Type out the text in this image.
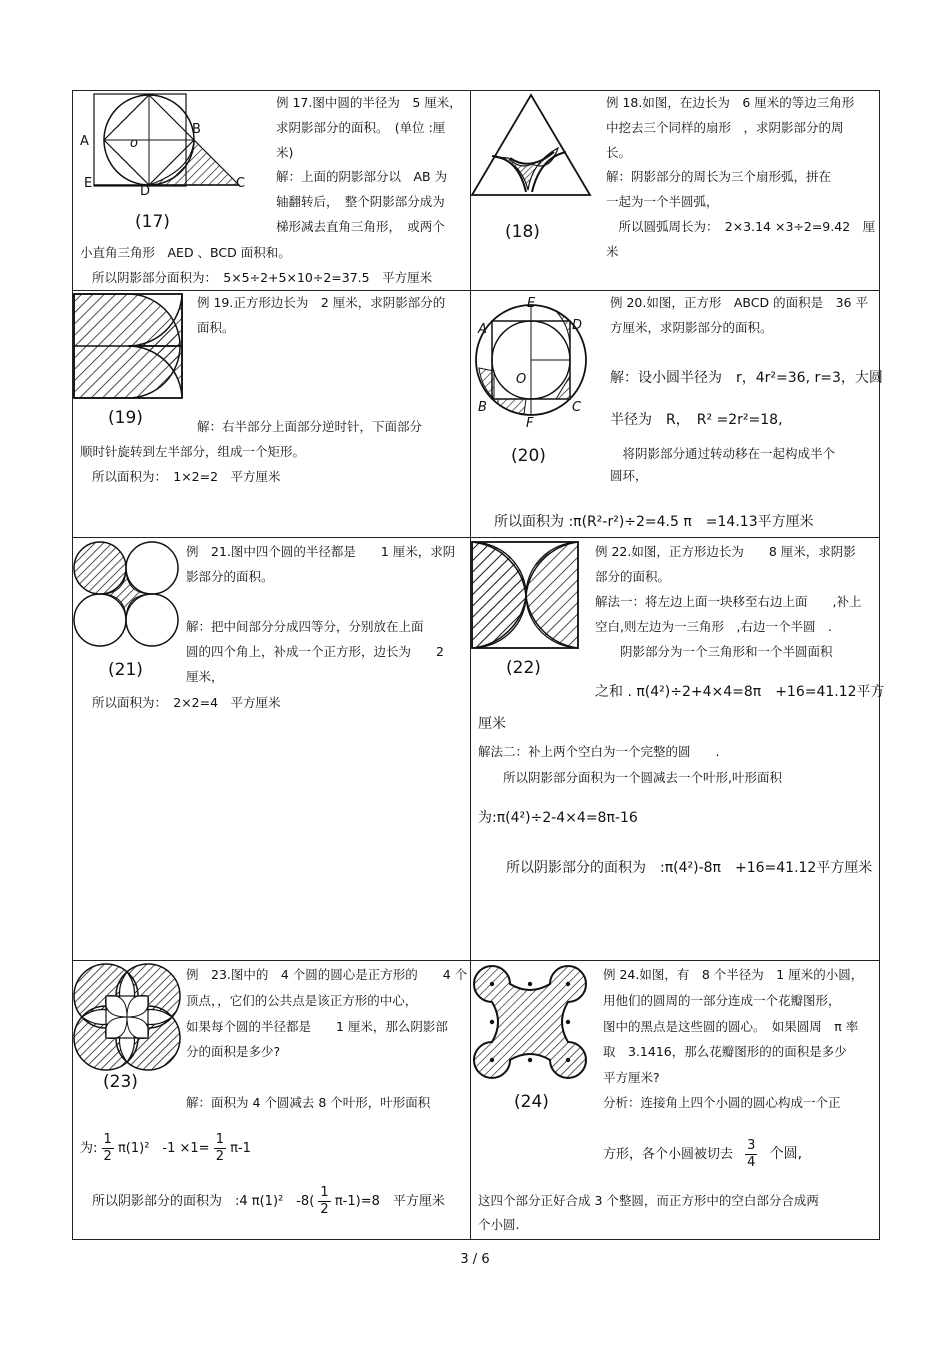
A
B
C
D
E
o
(17)
例 17.图中圆的半径为　5 厘米，
求阴影部分的面积。　(单位 :厘
米)
解：上面的阴影部分以　AB 为
轴翻转后，　整个阴影部分成为
梯形减去直角三角形，　或两个
小直角三角形　AED 、BCD 面积和。
所以阴影部分面积为：　5×5÷2+5×10÷2=37.5　平方厘米
(18)
例 18.如图，在边长为　6 厘米的等边三角形
中挖去三个同样的扇形　，求阴影部分的周
长。
解：阴影部分的周长为三个扇形弧，拼在
一起为一个半圆弧，
　所以圆弧周长为：　2×3.14 ×3÷2=9.42　厘
米
(19)
例 19.正方形边长为　2 厘米，求阴影部分的
面积。
解：右半部分上面部分逆时针，下面部分
顺时针旋转到左半部分，组成一个矩形。
所以面积为：　1×2=2　平方厘米
A
B	C
D
E
F
O
(20)
例 20.如图，正方形　ABCD 的面积是　36 平
方厘米，求阴影部分的面积。
解：设小圆半径为　r，4r²=36, r=3，大圆
半径为　R，　R² =2r²=18,
　将阴影部分通过转动移在一起构成半个
圆环，
所以面积为 :π(R²-r²)÷2=4.5 π　=14.13平方厘米
(21)
例　21.图中四个圆的半径都是　　1 厘米，求阴
影部分的面积。
解：把中间部分分成四等分，分别放在上面
圆的四个角上，补成一个正方形，边长为　　2
厘米，
所以面积为：　2×2=4　平方厘米
(22)
例 22.如图，正方形边长为　　8 厘米，求阴影
部分的面积。
解法一：将左边上面一块移至右边上面　　,补上
空白,则左边为一三角形　,右边一个半圆　.
　　阴影部分为一个三角形和一个半圆面积
之和 . π(4²)÷2+4×4=8π　+16=41.12平方
厘米
解法二：补上两个空白为一个完整的圆　　.
　　所以阴影部分面积为一个圆减去一个叶形,叶形面积
为:π(4²)÷2-4×4=8π-16
所以阴影部分的面积为　:π(4²)-8π　+16=41.12平方厘米
(23)
例　23.图中的　4 个圆的圆心是正方形的　　4 个
顶点，，它们的公共点是该正方形的中心，
如果每个圆的半径都是　　1 厘米，那么阴影部
分的面积是多少?
解：面积为 4 个圆减去 8 个叶形，叶形面积
为: $\frac{1}{2} \pi(1)^2$　$-1 \times 1= \frac{1}{2} \pi-1$
所以阴影部分的面积为　:4 π(1)²　$-8( \frac{1}{2} \pi-1)=8$　平方厘米
(24)
例 24.如图，有　8 个半径为　1 厘米的小圆，
用他们的圆周的一部分连成一个花瓣图形，
图中的黑点是这些圆的圆心。　如果圆周　π 率
取　3.1416，那么花瓣图形的的面积是多少
平方厘米?
分析：连接角上四个小圆的圆心构成一个正
方形，各个小圆被切去 $\frac{3}{4}$ 个圆,
这四个部分正好合成 3 个整圆，而正方形中的空白部分合成两
个小圆.
3 / 6
